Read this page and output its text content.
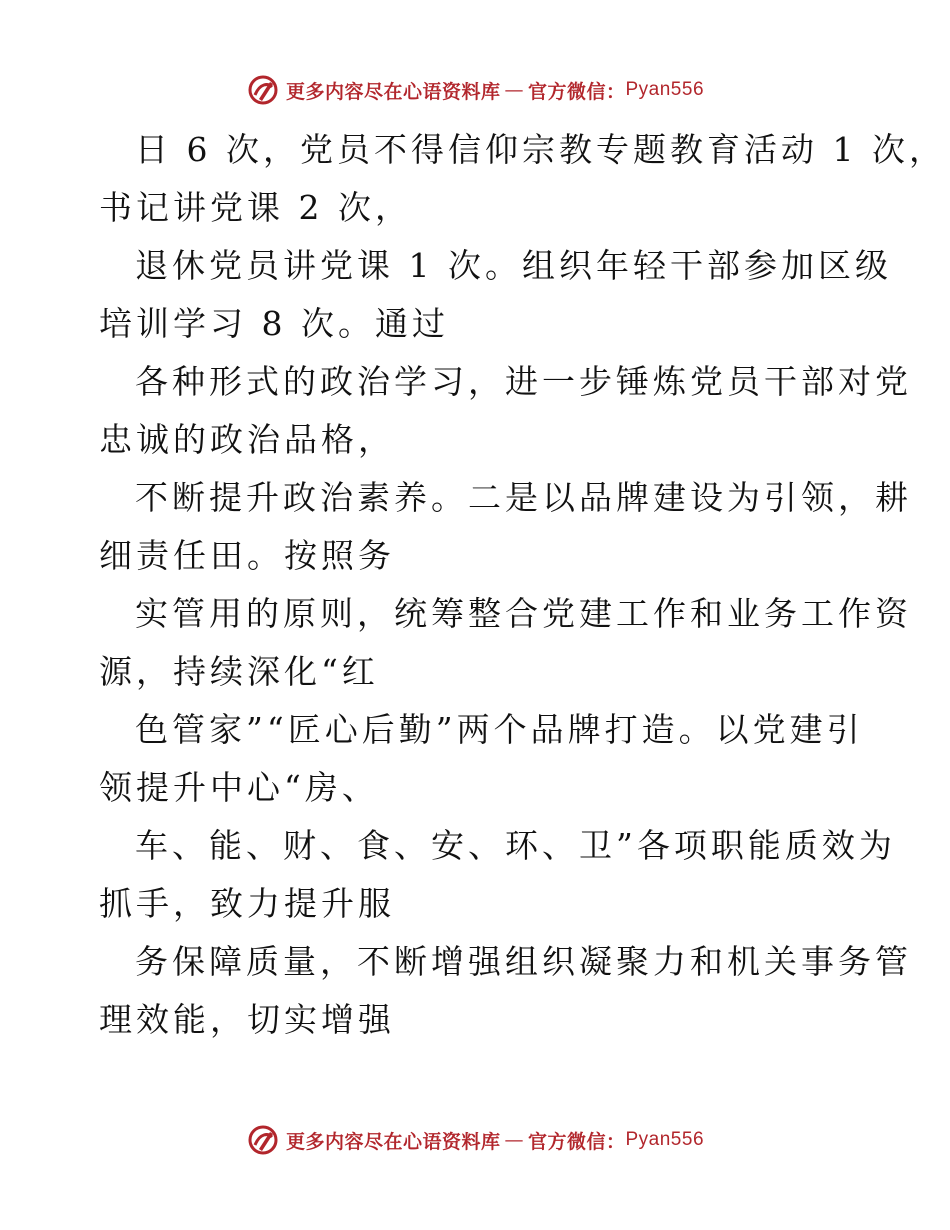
更多内容尽在心语资料库 — 官方微信： Pyan556
日 6 次，党员不得信仰宗教专题教育活动 1 次，
书记讲党课 2 次，
退休党员讲党课 1 次。组织年轻干部参加区级
培训学习 8 次。通过
各种形式的政治学习，进一步锤炼党员干部对党
忠诚的政治品格，
不断提升政治素养。二是以品牌建设为引领，耕
细责任田。按照务
实管用的原则，统筹整合党建工作和业务工作资
源，持续深化“红
色管家”“匠心后勤”两个品牌打造。以党建引
领提升中心“房、
车、能、财、食、安、环、卫”各项职能质效为
抓手，致力提升服
务保障质量，不断增强组织凝聚力和机关事务管
理效能，切实增强
更多内容尽在心语资料库 — 官方微信： Pyan556
